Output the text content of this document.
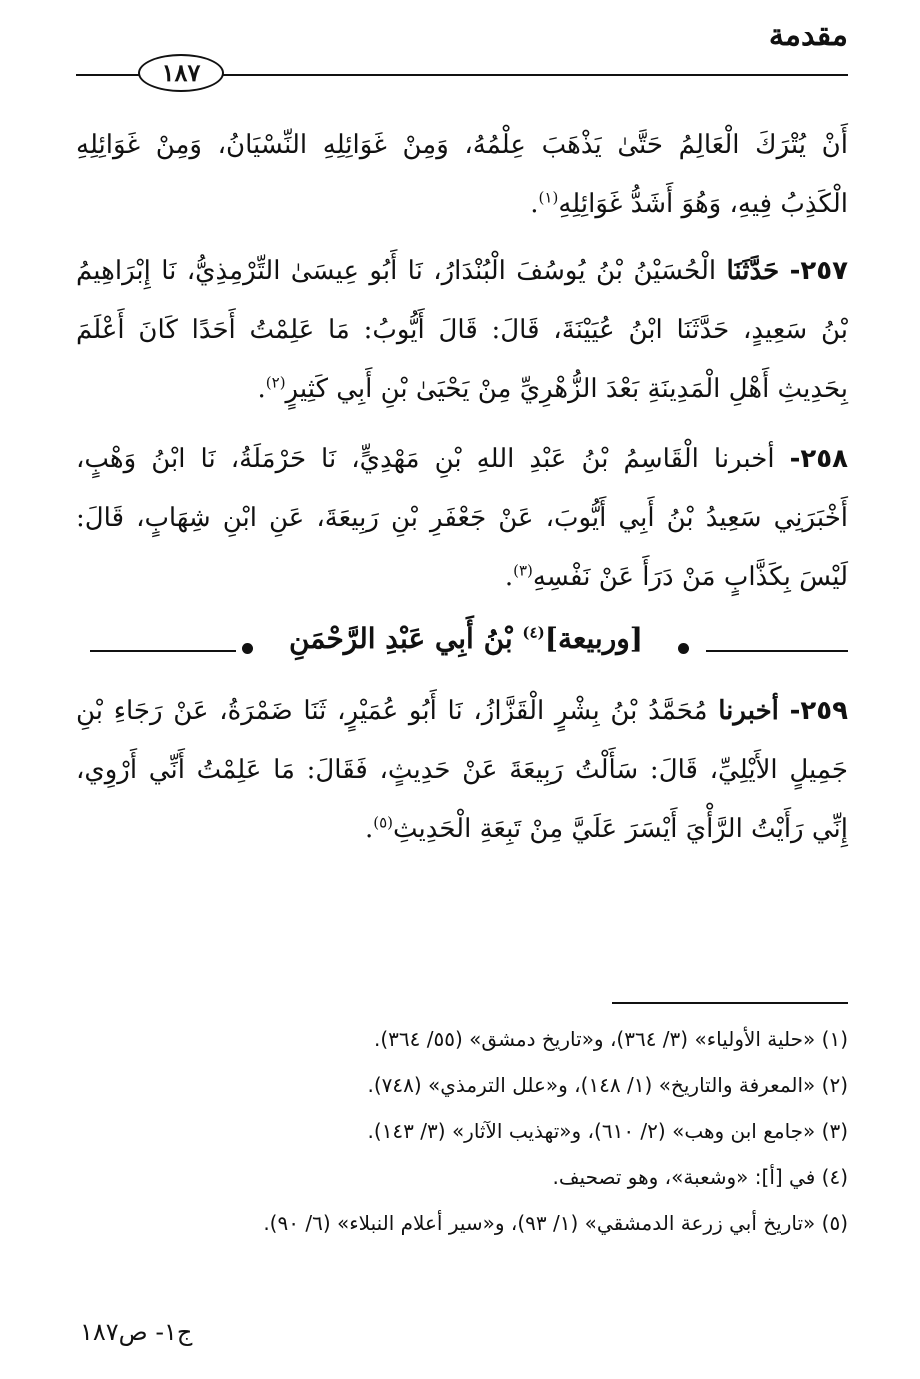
مقدمة
١٨٧

أَنْ يُتْرَكَ الْعَالِمُ حَتَّىٰ يَذْهَبَ عِلْمُهُ، وَمِنْ غَوَائِلِهِ النِّسْيَانُ، وَمِنْ غَوَائِلِهِ الْكَذِبُ فِيهِ، وَهُوَ أَشَدُّ غَوَائِلِهِ$^{(١)}$.

٢٥٧- حَدَّثَنَا الْحُسَيْنُ بْنُ يُوسُفَ الْبُنْدَارُ، نَا أَبُو عِيسَىٰ التِّرْمِذِيُّ، نَا إِبْرَاهِيمُ بْنُ سَعِيدٍ، حَدَّثَنَا ابْنُ عُيَيْنَةَ، قَالَ: قَالَ أَيُّوبُ: مَا عَلِمْتُ أَحَدًا كَانَ أَعْلَمَ بِحَدِيثِ أَهْلِ الْمَدِينَةِ بَعْدَ الزُّهْرِيِّ مِنْ يَحْيَىٰ بْنِ أَبِي كَثِيرٍ$^{(٢)}$.

٢٥٨- أخبرنا الْقَاسِمُ بْنُ عَبْدِ اللهِ بْنِ مَهْدِيٍّ، نَا حَرْمَلَةُ، نَا ابْنُ وَهْبٍ، أَخْبَرَنِي سَعِيدُ بْنُ أَبِي أَيُّوبَ، عَنْ جَعْفَرِ بْنِ رَبِيعَةَ، عَنِ ابْنِ شِهَابٍ، قَالَ: لَيْسَ بِكَذَّابٍ مَنْ دَرَأَ عَنْ نَفْسِهِ$^{(٣)}$.

[وربيعة]$^{(٤)}$ بْنُ أَبِي عَبْدِ الرَّحْمَنِ

٢٥٩- أخبرنا مُحَمَّدُ بْنُ بِشْرٍ الْقَزَّازُ، نَا أَبُو عُمَيْرٍ، ثَنَا ضَمْرَةُ، عَنْ رَجَاءِ بْنِ جَمِيلٍ الأَيْلِيِّ، قَالَ: سَأَلْتُ رَبِيعَةَ عَنْ حَدِيثٍ، فَقَالَ: مَا عَلِمْتُ أَنِّي أَرْوِي، إِنِّي رَأَيْتُ الرَّأْيَ أَيْسَرَ عَلَيَّ مِنْ تَبِعَةِ الْحَدِيثِ$^{(٥)}$.

(١) «حلية الأولياء» (٣/ ٣٦٤)، و«تاريخ دمشق» (٥٥/ ٣٦٤).

(٢) «المعرفة والتاريخ» (١/ ١٤٨)، و«علل الترمذي» (٧٤٨).

(٣) «جامع ابن وهب» (٢/ ٦١٠)، و«تهذيب الآثار» (٣/ ١٤٣).

(٤) في [أ]: «وشعبة»، وهو تصحيف.

(٥) «تاريخ أبي زرعة الدمشقي» (١/ ٩٣)، و«سير أعلام النبلاء» (٦/ ٩٠).

ج١- ص١٨٧
